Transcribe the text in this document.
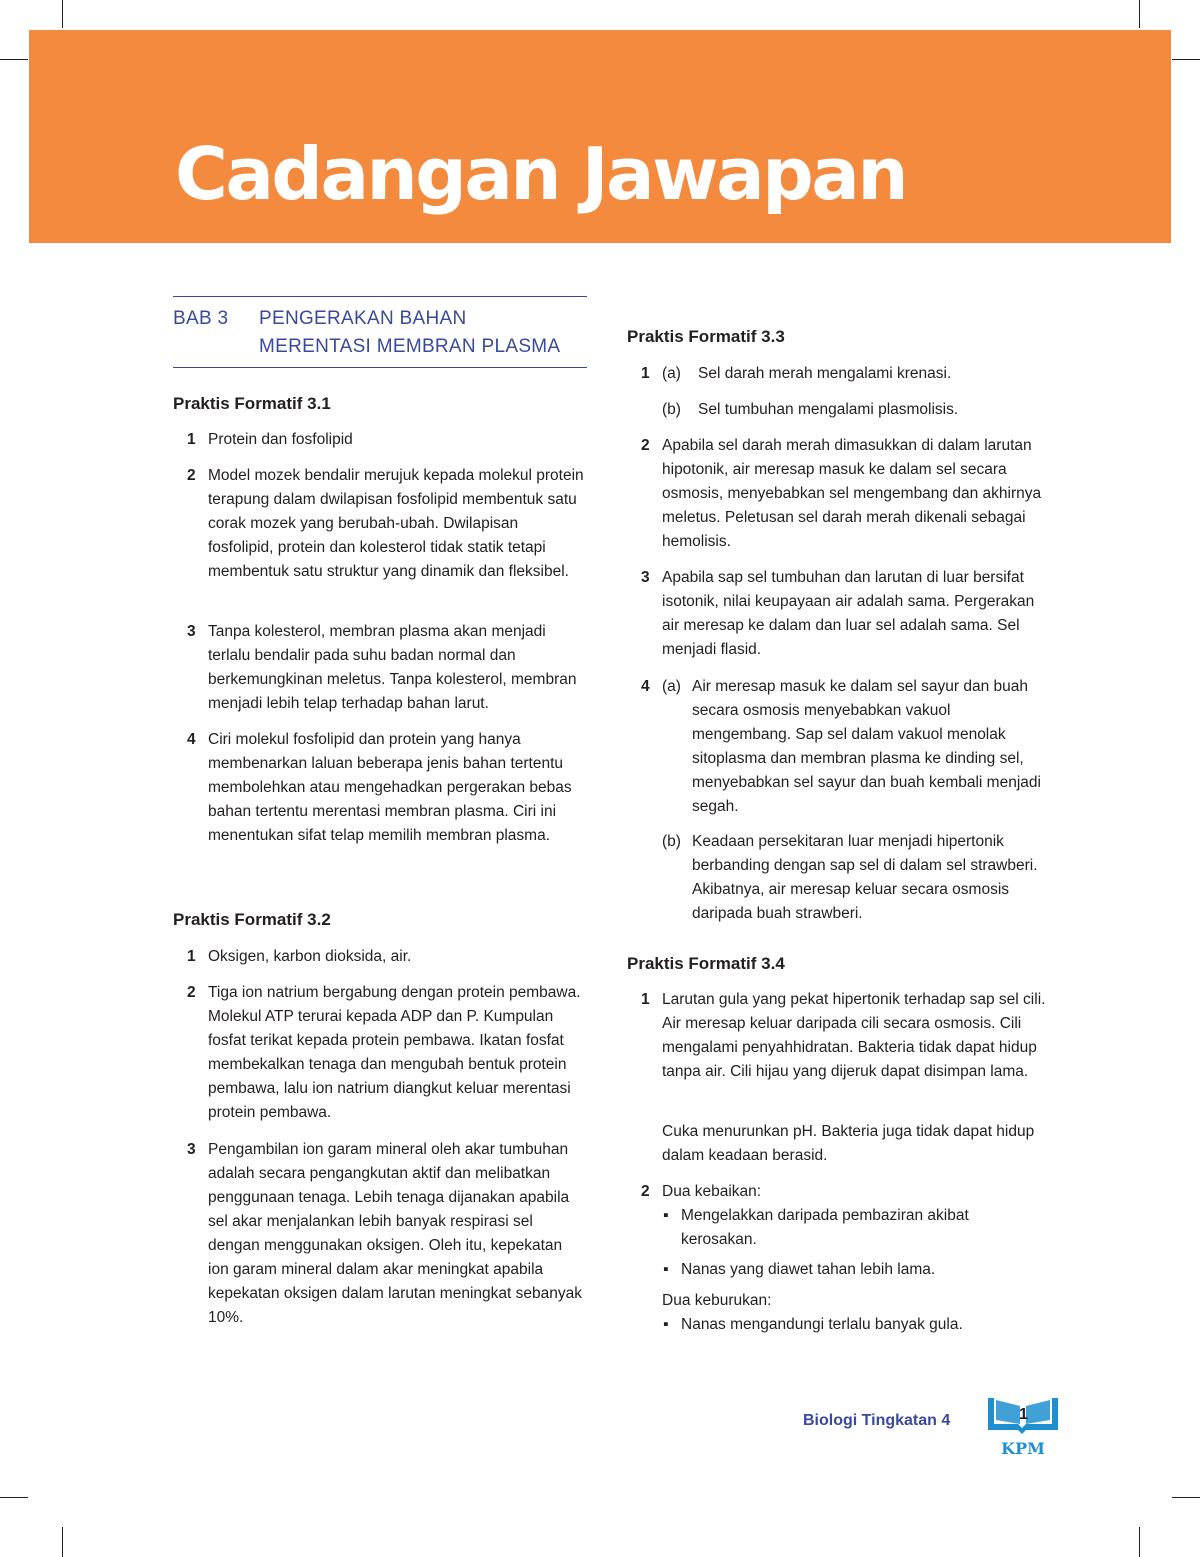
Cadangan Jawapan
BAB 3 PENGERAKAN BAHAN
MERENTASI MEMBRAN PLASMA
Praktis Formatif 3.1
1 Protein dan fosfolipid
2 Model mozek bendalir merujuk kepada molekul protein terapung dalam dwilapisan fosfolipid membentuk satu corak mozek yang berubah-ubah. Dwilapisan fosfolipid, protein dan kolesterol tidak statik tetapi membentuk satu struktur yang dinamik dan fleksibel.
3 Tanpa kolesterol, membran plasma akan menjadi terlalu bendalir pada suhu badan normal dan berkemungkinan meletus. Tanpa kolesterol, membran menjadi lebih telap terhadap bahan larut.
4 Ciri molekul fosfolipid dan protein yang hanya membenarkan laluan beberapa jenis bahan tertentu membolehkan atau mengehadkan pergerakan bebas bahan tertentu merentasi membran plasma. Ciri ini menentukan sifat telap memilih membran plasma.
Praktis Formatif 3.2
1 Oksigen, karbon dioksida, air.
2 Tiga ion natrium bergabung dengan protein pembawa. Molekul ATP terurai kepada ADP dan P. Kumpulan fosfat terikat kepada protein pembawa. Ikatan fosfat membekalkan tenaga dan mengubah bentuk protein pembawa, lalu ion natrium diangkut keluar merentasi protein pembawa.
3 Pengambilan ion garam mineral oleh akar tumbuhan adalah secara pengangkutan aktif dan melibatkan penggunaan tenaga. Lebih tenaga dijanakan apabila sel akar menjalankan lebih banyak respirasi sel dengan menggunakan oksigen. Oleh itu, kepekatan ion garam mineral dalam akar meningkat apabila kepekatan oksigen dalam larutan meningkat sebanyak 10%.
Praktis Formatif 3.3
1 (a) Sel darah merah mengalami krenasi.
(b) Sel tumbuhan mengalami plasmolisis.
2 Apabila sel darah merah dimasukkan di dalam larutan hipotonik, air meresap masuk ke dalam sel secara osmosis, menyebabkan sel mengembang dan akhirnya meletus. Peletusan sel darah merah dikenali sebagai hemolisis.
3 Apabila sap sel tumbuhan dan larutan di luar bersifat isotonik, nilai keupayaan air adalah sama. Pergerakan air meresap ke dalam dan luar sel adalah sama. Sel menjadi flasid.
4 (a) Air meresap masuk ke dalam sel sayur dan buah secara osmosis menyebabkan vakuol mengembang. Sap sel dalam vakuol menolak sitoplasma dan membran plasma ke dinding sel, menyebabkan sel sayur dan buah kembali menjadi segah.
(b) Keadaan persekitaran luar menjadi hipertonik berbanding dengan sap sel di dalam sel strawberi. Akibatnya, air meresap keluar secara osmosis daripada buah strawberi.
Praktis Formatif 3.4
1 Larutan gula yang pekat hipertonik terhadap sap sel cili. Air meresap keluar daripada cili secara osmosis. Cili mengalami penyahhidratan. Bakteria tidak dapat hidup tanpa air. Cili hijau yang dijeruk dapat disimpan lama.
Cuka menurunkan pH. Bakteria juga tidak dapat hidup dalam keadaan berasid.
2 Dua kebaikan:
▪ Mengelakkan daripada pembaziran akibat kerosakan.
▪ Nanas yang diawet tahan lebih lama.
Dua keburukan:
▪ Nanas mengandungi terlalu banyak gula.
Biologi Tingkatan 4
KPM
1
